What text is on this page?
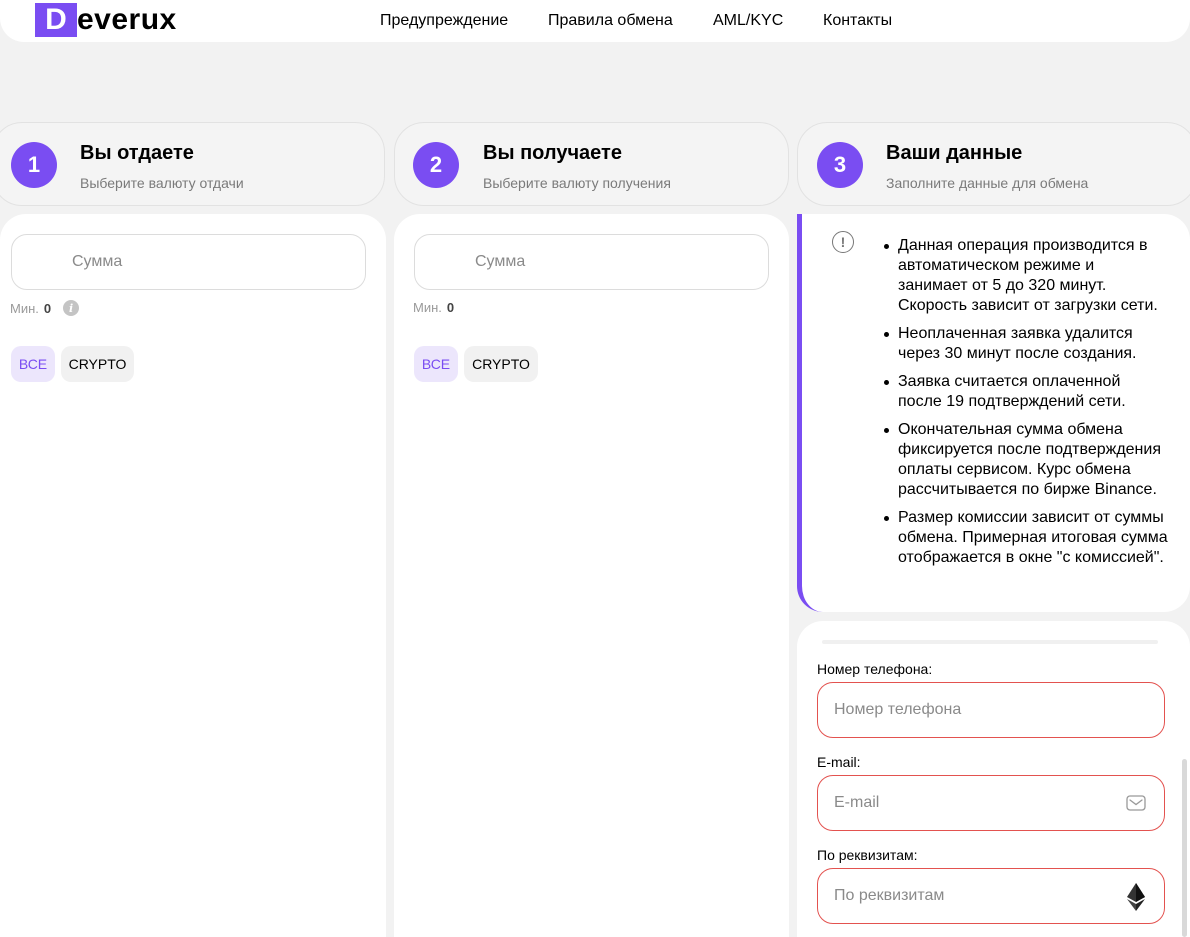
D everux	Предупреждение Правила обмена	AML/KYC Контакты
1	Вы отдаете
Выберите валюту отдачи
2	Вы получаете
Выберите валюту получения
3	Ваши данные
Заполните данные для обмена
Сумма
Мин. 0	i
ВСЕ	CRYPTO
Сумма
Мин. 0
ВСЕ	CRYPTO
!	Данная операция производится в автоматическом режиме и занимает от 5 до 320 минут. Скорость зависит от загрузки сети.
Неоплаченная заявка удалится через 30 минут после создания.
Заявка считается оплаченной после 19 подтверждений сети.
Окончательная сумма обмена фиксируется после подтверждения оплаты сервисом. Курс обмена рассчитывается по бирже Binance.
Размер комиссии зависит от суммы обмена. Примерная итоговая сумма отображается в окне "с комиссией".
Номер телефона:
Номер телефона
E-mail:
E-mail
По реквизитам:
По реквизитам
